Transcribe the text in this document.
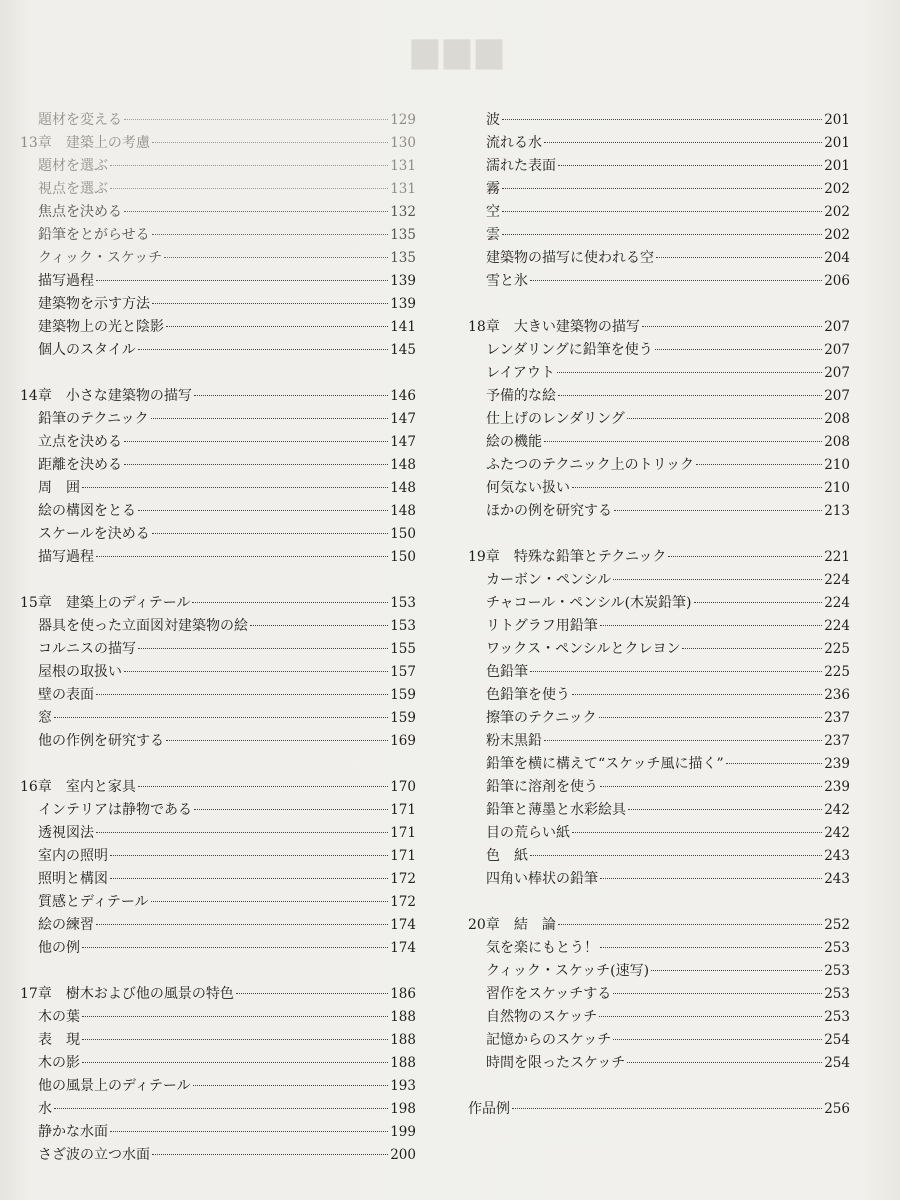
▆▆▆
題材を変える	129
13章　建築上の考慮	130
題材を選ぶ	131
視点を選ぶ	131
焦点を決める	132
鉛筆をとがらせる	135
クィック・スケッチ	135
描写過程	139
建築物を示す方法	139
建築物上の光と陰影	141
個人のスタイル	145
14章　小さな建築物の描写	146
鉛筆のテクニック	147
立点を決める	147
距離を決める	148
周　囲	148
絵の構図をとる	148
スケールを決める	150
描写過程	150
15章　建築上のディテール	153
器具を使った立面図対建築物の絵	153
コルニスの描写	155
屋根の取扱い	157
壁の表面	159
窓	159
他の作例を研究する	169
16章　室内と家具	170
インテリアは静物である	171
透視図法	171
室内の照明	171
照明と構図	172
質感とディテール	172
絵の練習	174
他の例	174
17章　樹木および他の風景の特色	186
木の葉	188
表　現	188
木の影	188
他の風景上のディテール	193
水	198
静かな水面	199
さざ波の立つ水面	200
波	201
流れる水	201
濡れた表面	201
霧	202
空	202
雲	202
建築物の描写に使われる空	204
雪と氷	206
18章　大きい建築物の描写	207
レンダリングに鉛筆を使う	207
レイアウト	207
予備的な絵	207
仕上げのレンダリング	208
絵の機能	208
ふたつのテクニック上のトリック	210
何気ない扱い	210
ほかの例を研究する	213
19章　特殊な鉛筆とテクニック	221
カーボン・ペンシル	224
チャコール・ペンシル(木炭鉛筆)	224
リトグラフ用鉛筆	224
ワックス・ペンシルとクレヨン	225
色鉛筆	225
色鉛筆を使う	236
擦筆のテクニック	237
粉末黒鉛	237
鉛筆を横に構えて“スケッチ風に描く”	239
鉛筆に溶剤を使う	239
鉛筆と薄墨と水彩絵具	242
目の荒らい紙	242
色　紙	243
四角い棒状の鉛筆	243
20章　結　論	252
気を楽にもとう！	253
クィック・スケッチ(速写)	253
習作をスケッチする	253
自然物のスケッチ	253
記憶からのスケッチ	254
時間を限ったスケッチ	254
作品例	256
